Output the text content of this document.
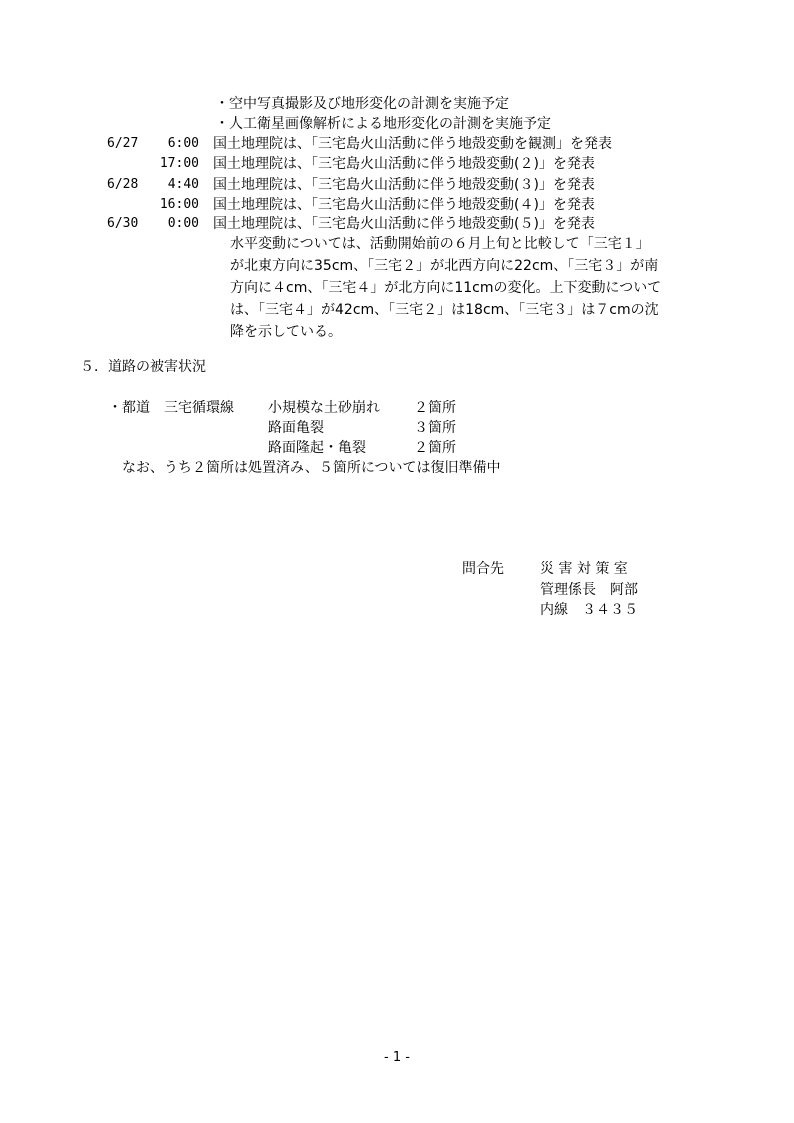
・空中写真撮影及び地形変化の計測を実施予定
・人工衛星画像解析による地形変化の計測を実施予定
6/27	6:00 国土地理院は、「三宅島火山活動に伴う地殻変動を観測」を発表
17:00 国土地理院は、「三宅島火山活動に伴う地殻変動(２)」を発表
6/28	4:40 国土地理院は、「三宅島火山活動に伴う地殻変動(３)」を発表
16:00 国土地理院は、「三宅島火山活動に伴う地殻変動(４)」を発表
6/30	0:00 国土地理院は、「三宅島火山活動に伴う地殻変動(５)」を発表
水平変動については、活動開始前の６月上旬と比較して「三宅１」
が北東方向に35cm、「三宅２」が北西方向に22cm、「三宅３」が南
方向に４cm、「三宅４」が北方向に11cmの変化。上下変動について
は、「三宅４」が42cm、「三宅２」は18cm、「三宅３」は７cmの沈
降を示している。
５．道路の被害状況
・都道　三宅循環線 小規模な土砂崩れ ２箇所
路面亀裂	３箇所
路面隆起・亀裂	２箇所
なお、うち２箇所は処置済み、５箇所については復旧準備中
問合先	災 害 対 策 室
管理係長　阿部
内線　３４３５
- 1 -
